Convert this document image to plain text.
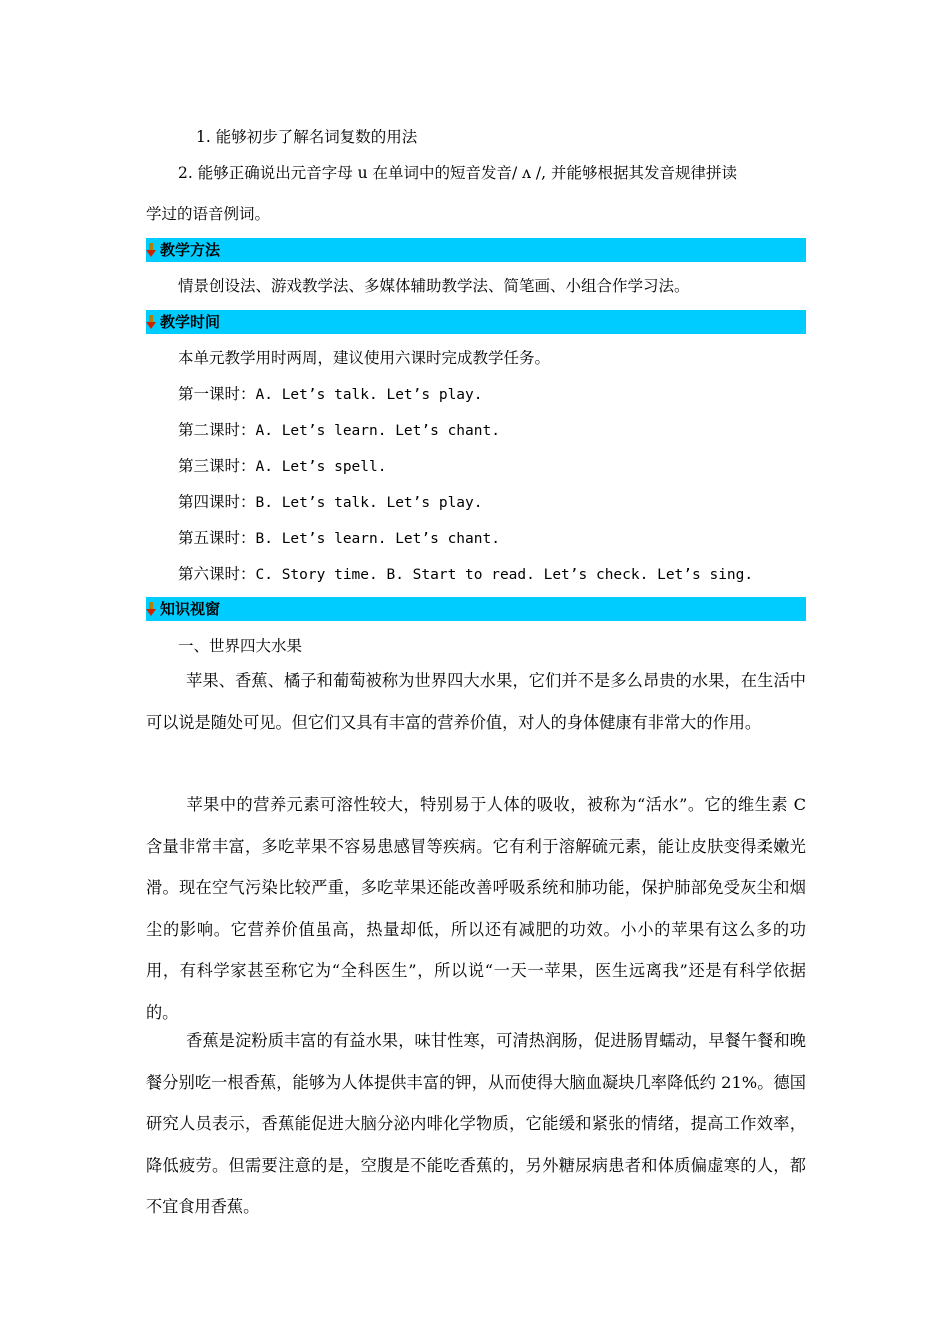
1. 能够初步了解名词复数的用法
2. 能够正确说出元音字母 u 在单词中的短音发音/ ʌ /, 并能够根据其发音规律拼读
学过的语音例词。
教学方法
情景创设法、游戏教学法、多媒体辅助教学法、简笔画、小组合作学习法。
教学时间
本单元教学用时两周，建议使用六课时完成教学任务。
第一课时：A. Let’s talk. Let’s play.
第二课时：A. Let’s learn. Let’s chant.
第三课时：A. Let’s spell.
第四课时：B. Let’s talk. Let’s play.
第五课时：B. Let’s learn. Let’s chant.
第六课时：C. Story time. B. Start to read. Let’s check. Let’s sing.
知识视窗
一、世界四大水果
苹果、香蕉、橘子和葡萄被称为世界四大水果，它们并不是多么昂贵的水果，在生活中可以说是随处可见。但它们又具有丰富的营养价值，对人的身体健康有非常大的作用。
苹果中的营养元素可溶性较大，特别易于人体的吸收，被称为“活水”。它的维生素 C 含量非常丰富，多吃苹果不容易患感冒等疾病。它有利于溶解硫元素，能让皮肤变得柔嫩光滑。现在空气污染比较严重，多吃苹果还能改善呼吸系统和肺功能，保护肺部免受灰尘和烟尘的影响。它营养价值虽高，热量却低，所以还有减肥的功效。小小的苹果有这么多的功用，有科学家甚至称它为“全科医生”，所以说“一天一苹果，医生远离我”还是有科学依据的。
香蕉是淀粉质丰富的有益水果，味甘性寒，可清热润肠，促进肠胃蠕动，早餐午餐和晚餐分别吃一根香蕉，能够为人体提供丰富的钾，从而使得大脑血凝块几率降低约 21%。德国研究人员表示，香蕉能促进大脑分泌内啡化学物质，它能缓和紧张的情绪，提高工作效率，降低疲劳。但需要注意的是，空腹是不能吃香蕉的，另外糖尿病患者和体质偏虚寒的人，都不宜食用香蕉。
